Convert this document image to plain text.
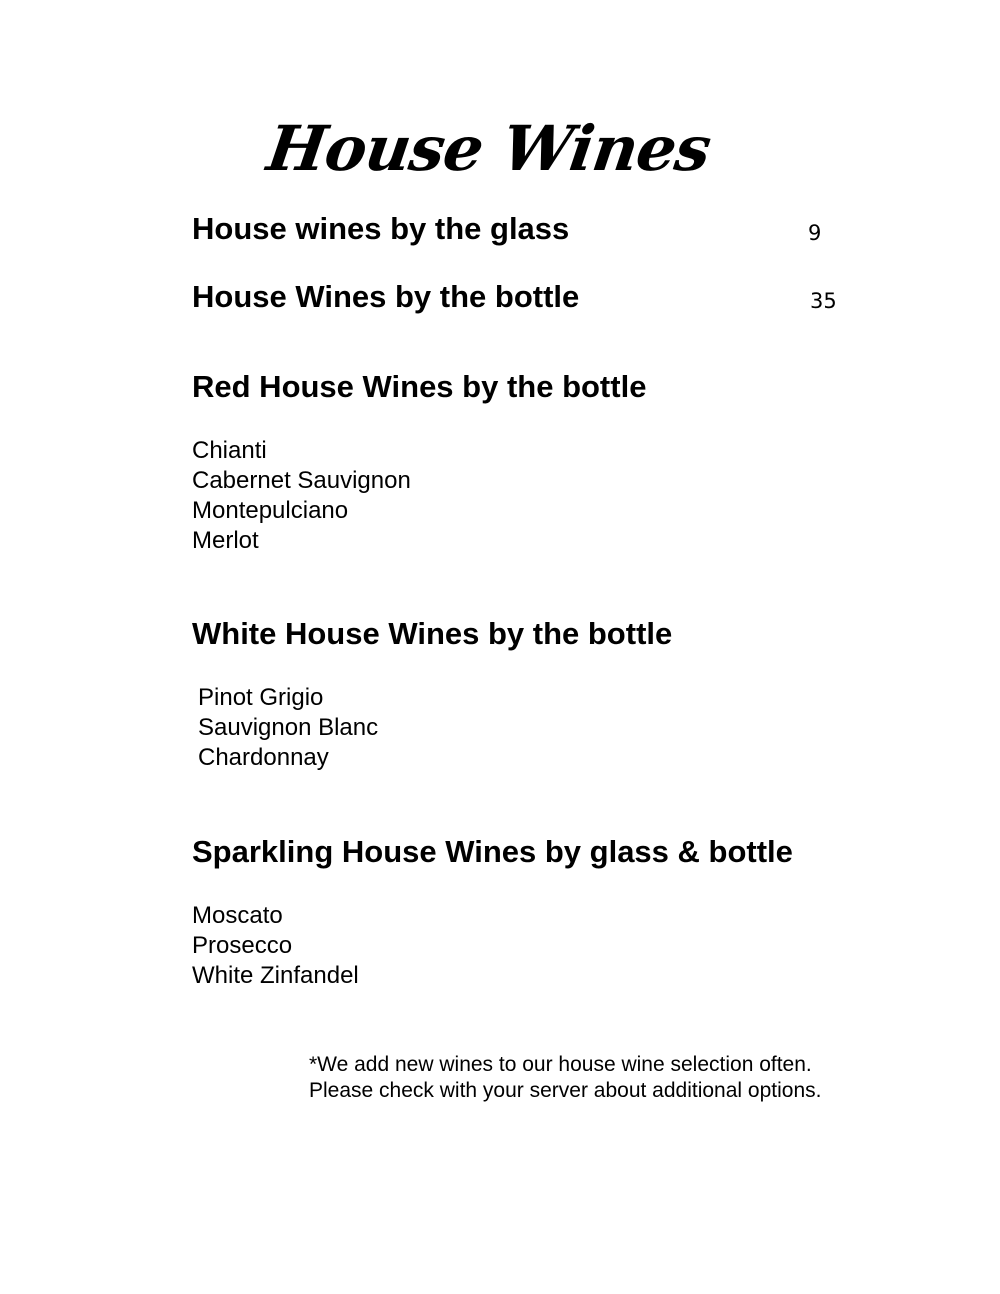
House Wines
House wines by the glass	9
House Wines by the bottle	35
Red House Wines by the bottle
Chianti
Cabernet Sauvignon
Montepulciano
Merlot
White House Wines by the bottle
Pinot Grigio
Sauvignon Blanc
Chardonnay
Sparkling House Wines by glass & bottle
Moscato
Prosecco
White Zinfandel

*We add new wines to our house wine selection often. Please check with your server about additional options.
